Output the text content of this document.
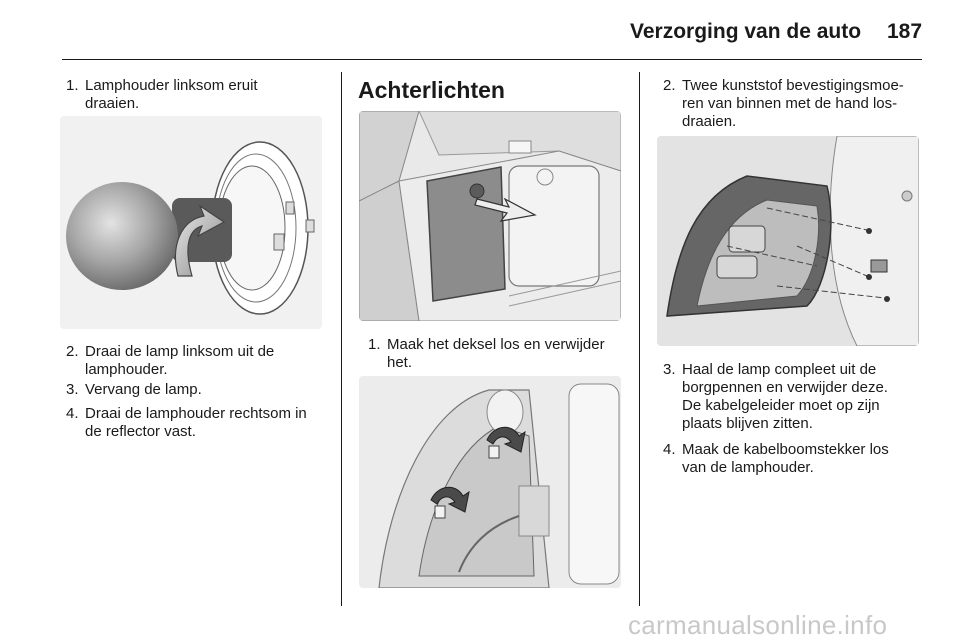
Verzorging van de auto 187
1. Lamphouder linksom eruit
draaien.
2. Draai de lamp linksom uit de
lamphouder.
3. Vervang de lamp.
4. Draai de lamphouder rechtsom in
de reflector vast.
Achterlichten
1. Maak het deksel los en verwijder
het.
2. Twee kunststof bevestigingsmoe-
ren van binnen met de hand los-
draaien.
3. Haal de lamp compleet uit de
borgpennen en verwijder deze.
De kabelgeleider moet op zijn
plaats blijven zitten.
4. Maak de kabelboomstekker los
van de lamphouder.
carmanualsonline.info
